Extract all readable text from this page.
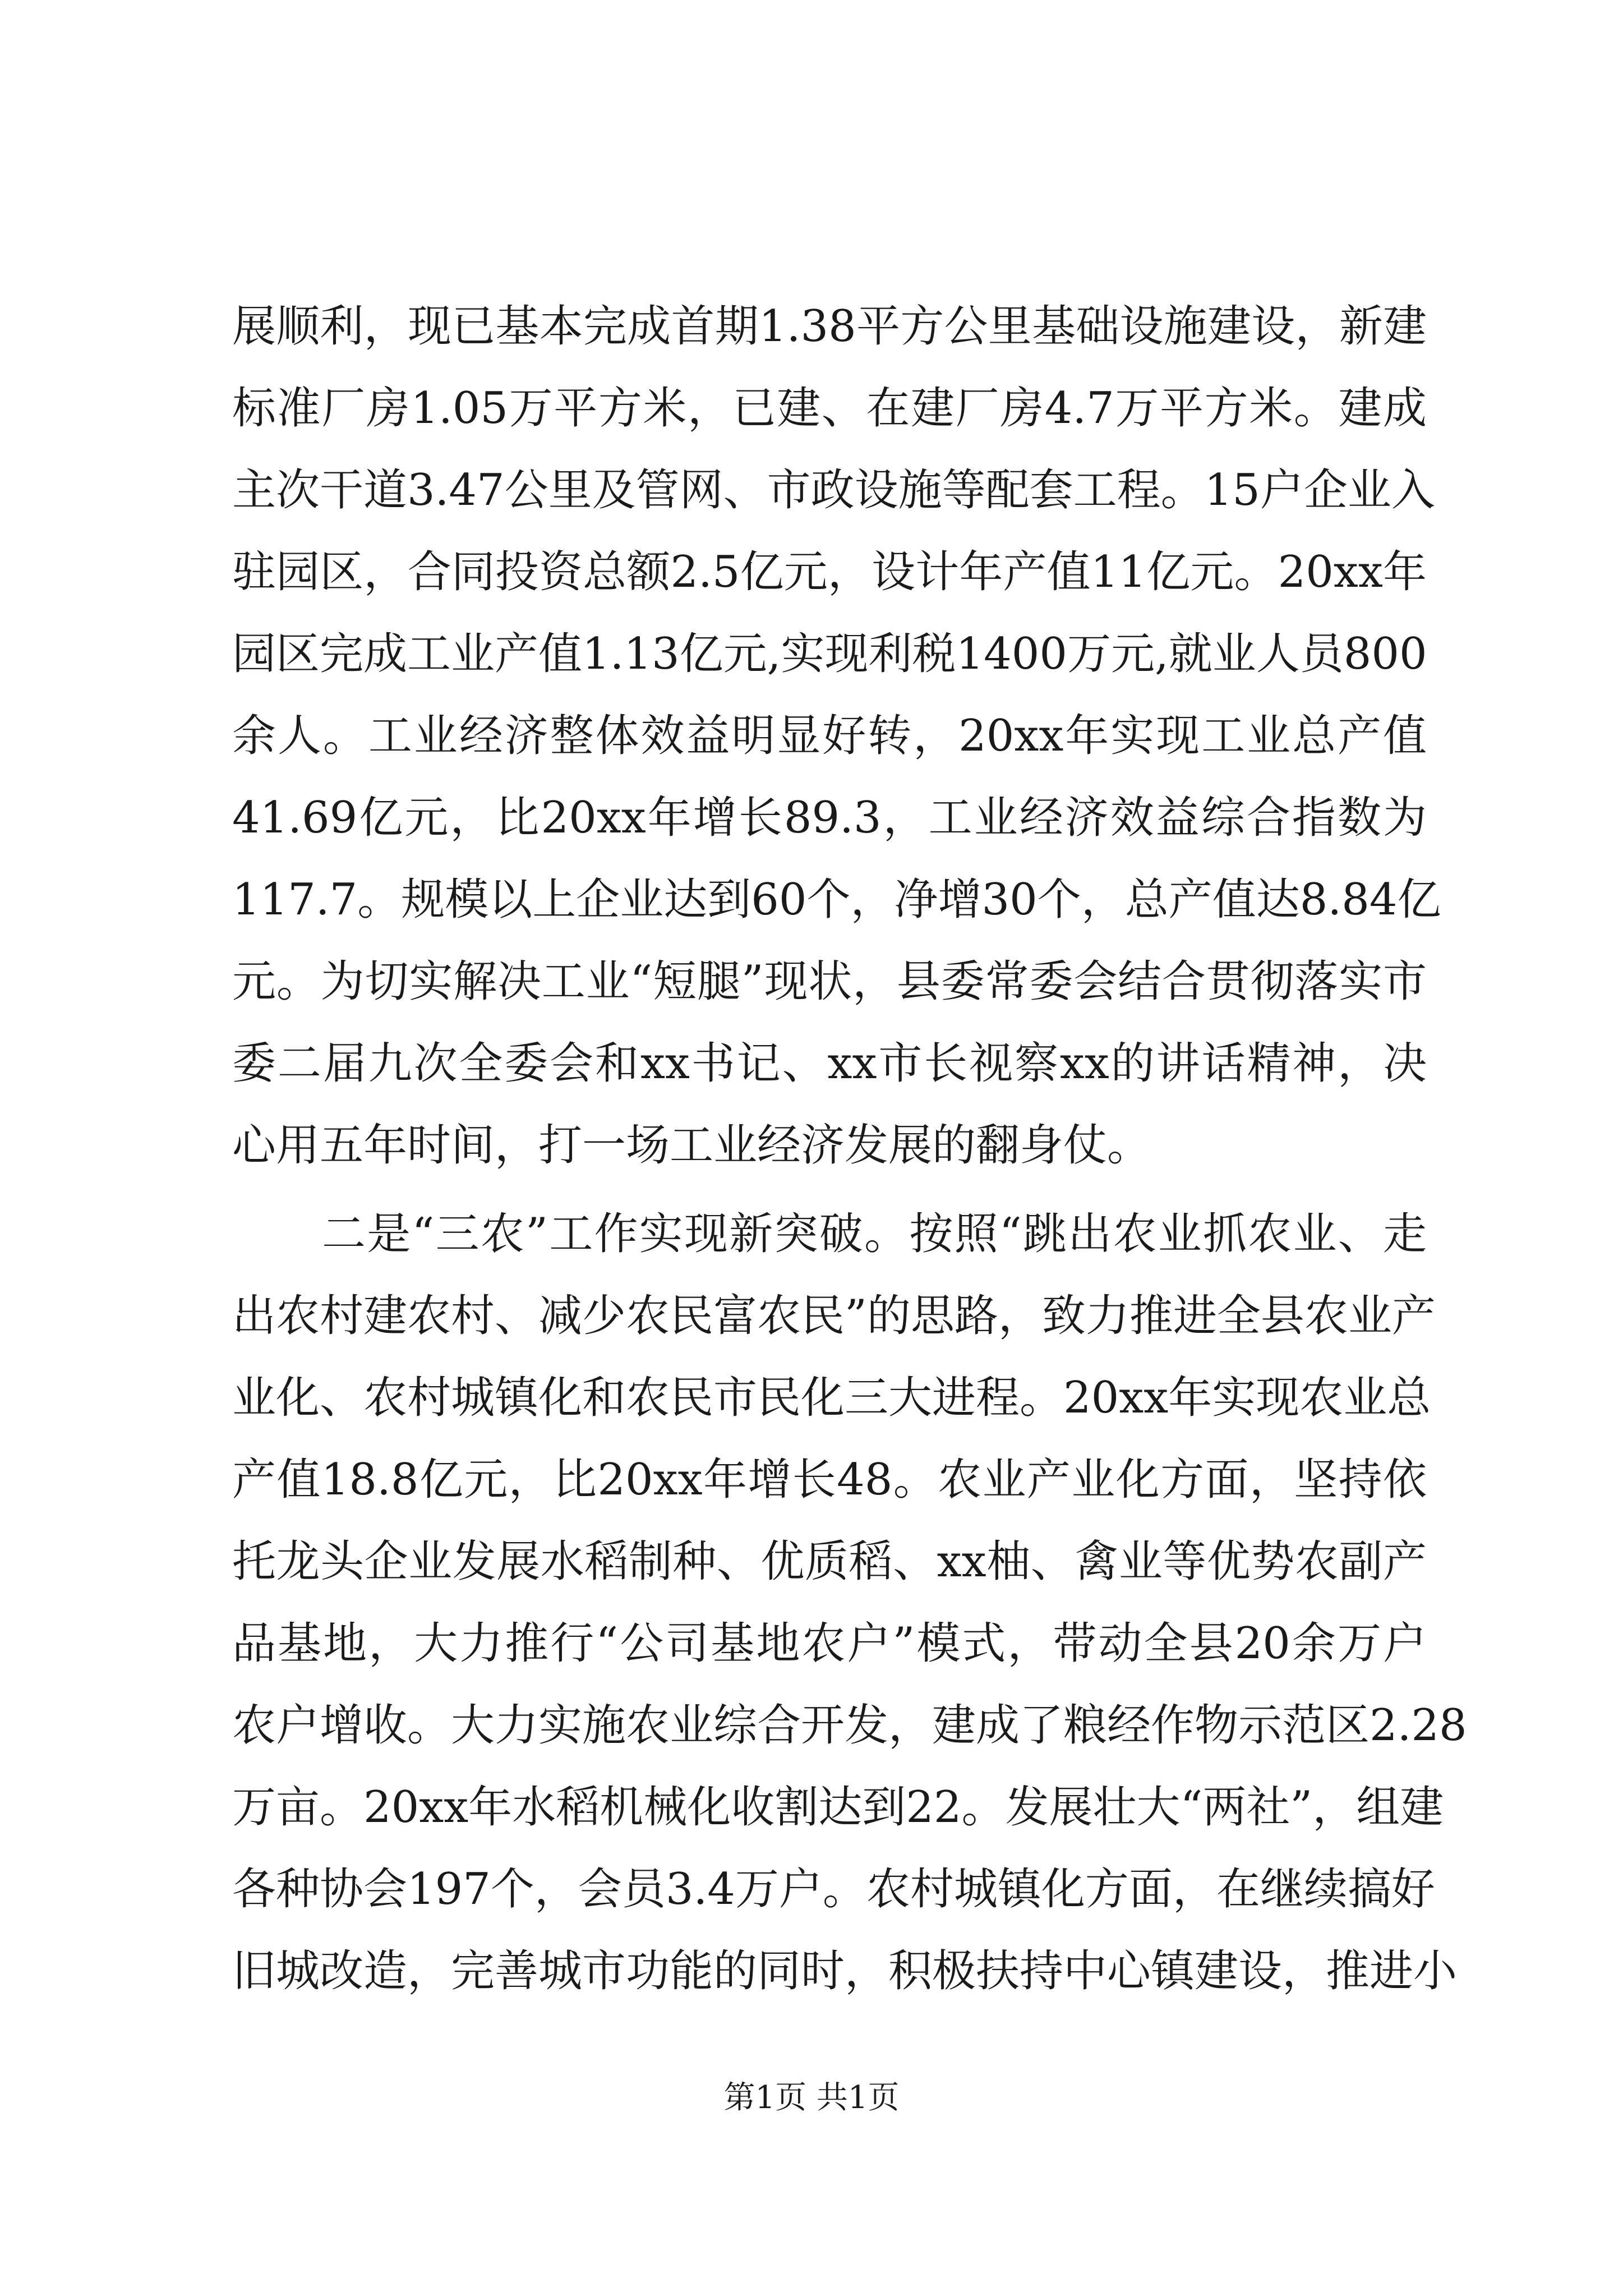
展顺利，现已基本完成首期1.38平方公里基础设施建设，新建
标准厂房1.05万平方米，已建、在建厂房4.7万平方米。建成
主次干道3.47公里及管网、市政设施等配套工程。15户企业入
驻园区，合同投资总额2.5亿元，设计年产值11亿元。20xx年
园区完成工业产值1.13亿元,实现利税1400万元,就业人员800
余人。工业经济整体效益明显好转，20xx年实现工业总产值
41.69亿元，比20xx年增长89.3，工业经济效益综合指数为
117.7。规模以上企业达到60个，净增30个，总产值达8.84亿
元。为切实解决工业“短腿”现状，县委常委会结合贯彻落实市
委二届九次全委会和xx书记、xx市长视察xx的讲话精神，决
心用五年时间，打一场工业经济发展的翻身仗。
二是“三农”工作实现新突破。按照“跳出农业抓农业、走
出农村建农村、减少农民富农民”的思路，致力推进全县农业产
业化、农村城镇化和农民市民化三大进程。20xx年实现农业总
产值18.8亿元，比20xx年增长48。农业产业化方面，坚持依
托龙头企业发展水稻制种、优质稻、xx柚、禽业等优势农副产
品基地，大力推行“公司基地农户”模式，带动全县20余万户
农户增收。大力实施农业综合开发，建成了粮经作物示范区2.28
万亩。20xx年水稻机械化收割达到22。发展壮大“两社”，组建
各种协会197个，会员3.4万户。农村城镇化方面，在继续搞好
旧城改造，完善城市功能的同时，积极扶持中心镇建设，推进小
第1页 共1页
